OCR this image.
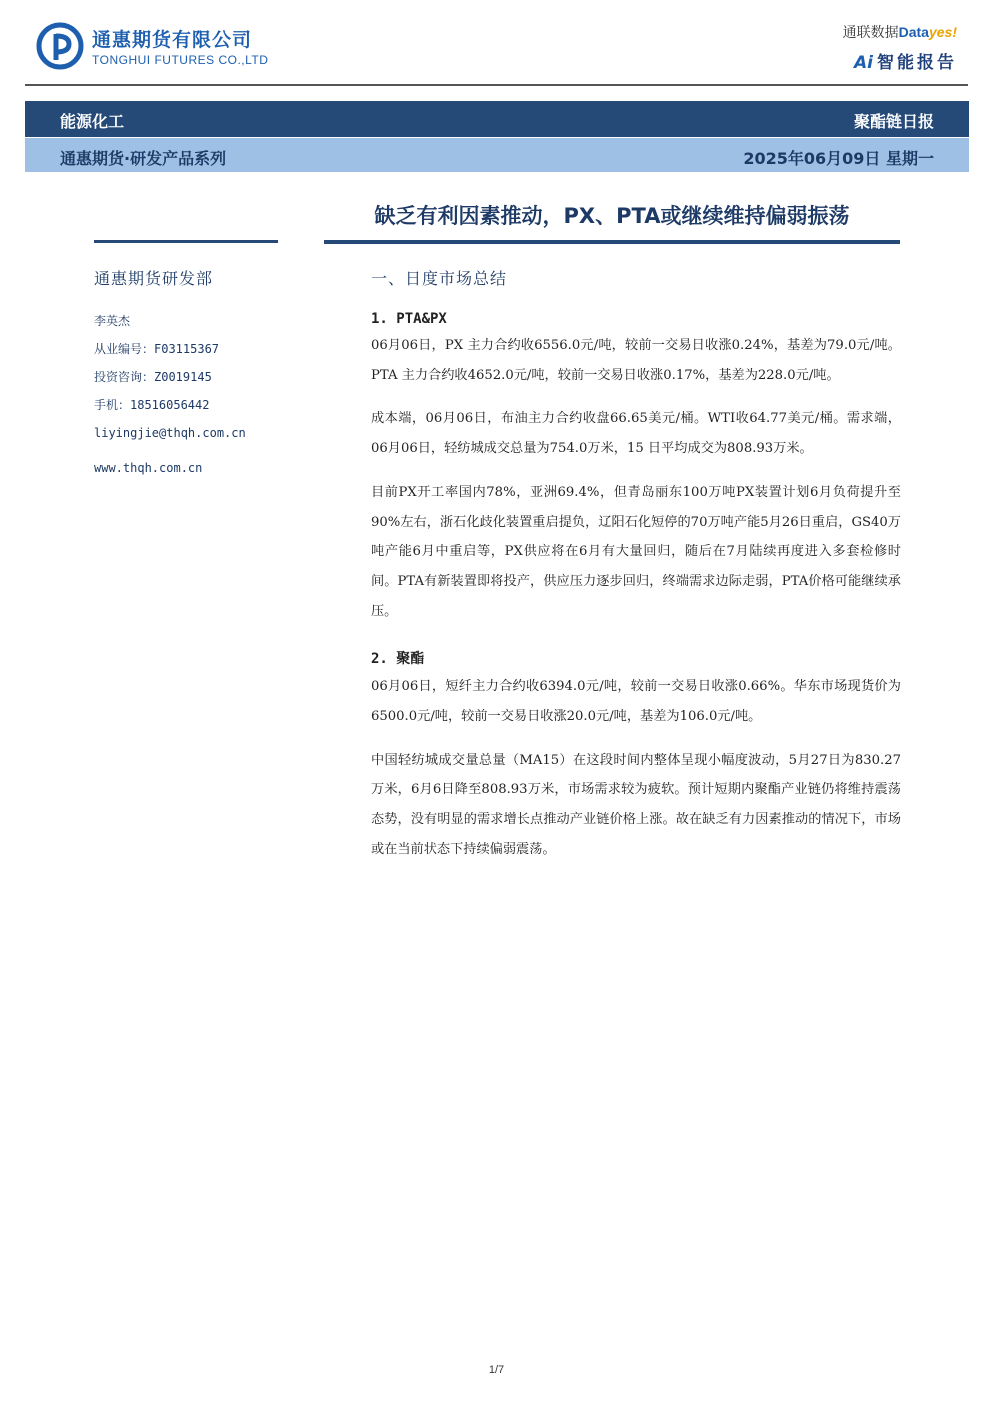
通惠期货有限公司
TONGHUI FUTURES CO.,LTD
通联数据Datayes!
Ai 智能报告
能源化工	聚酯链日报
通惠期货·研发产品系列	2025年06月09日 星期一
缺乏有利因素推动，PX、PTA或继续维持偏弱振荡
通惠期货研发部
李英杰
从业编号：F03115367
投资咨询：Z0019145
手机：18516056442
liyingjie@thqh.com.cn
www.thqh.com.cn
一、日度市场总结
1. PTA&PX

06月06日，PX 主力合约收6556.0元/吨，较前一交易日收涨0.24%，基差为79.0元/吨。PTA 主力合约收4652.0元/吨，较前一交易日收涨0.17%，基差为228.0元/吨。

成本端，06月06日，布油主力合约收盘66.65美元/桶。WTI收64.77美元/桶。需求端，06月06日，轻纺城成交总量为754.0万米，15 日平均成交为808.93万米。

目前PX开工率国内78%，亚洲69.4%，但青岛丽东100万吨PX装置计划6月负荷提升至90%左右，浙石化歧化装置重启提负，辽阳石化短停的70万吨产能5月26日重启，GS40万吨产能6月中重启等，PX供应将在6月有大量回归，随后在7月陆续再度进入多套检修时间。PTA有新装置即将投产，供应压力逐步回归，终端需求边际走弱，PTA价格可能继续承压。

2. 聚酯

06月06日，短纤主力合约收6394.0元/吨，较前一交易日收涨0.66%。华东市场现货价为6500.0元/吨，较前一交易日收涨20.0元/吨，基差为106.0元/吨。

中国轻纺城成交量总量（MA15）在这段时间内整体呈现小幅度波动，5月27日为830.27万米，6月6日降至808.93万米，市场需求较为疲软。预计短期内聚酯产业链仍将维持震荡态势，没有明显的需求增长点推动产业链价格上涨。故在缺乏有力因素推动的情况下，市场或在当前状态下持续偏弱震荡。

1/7
